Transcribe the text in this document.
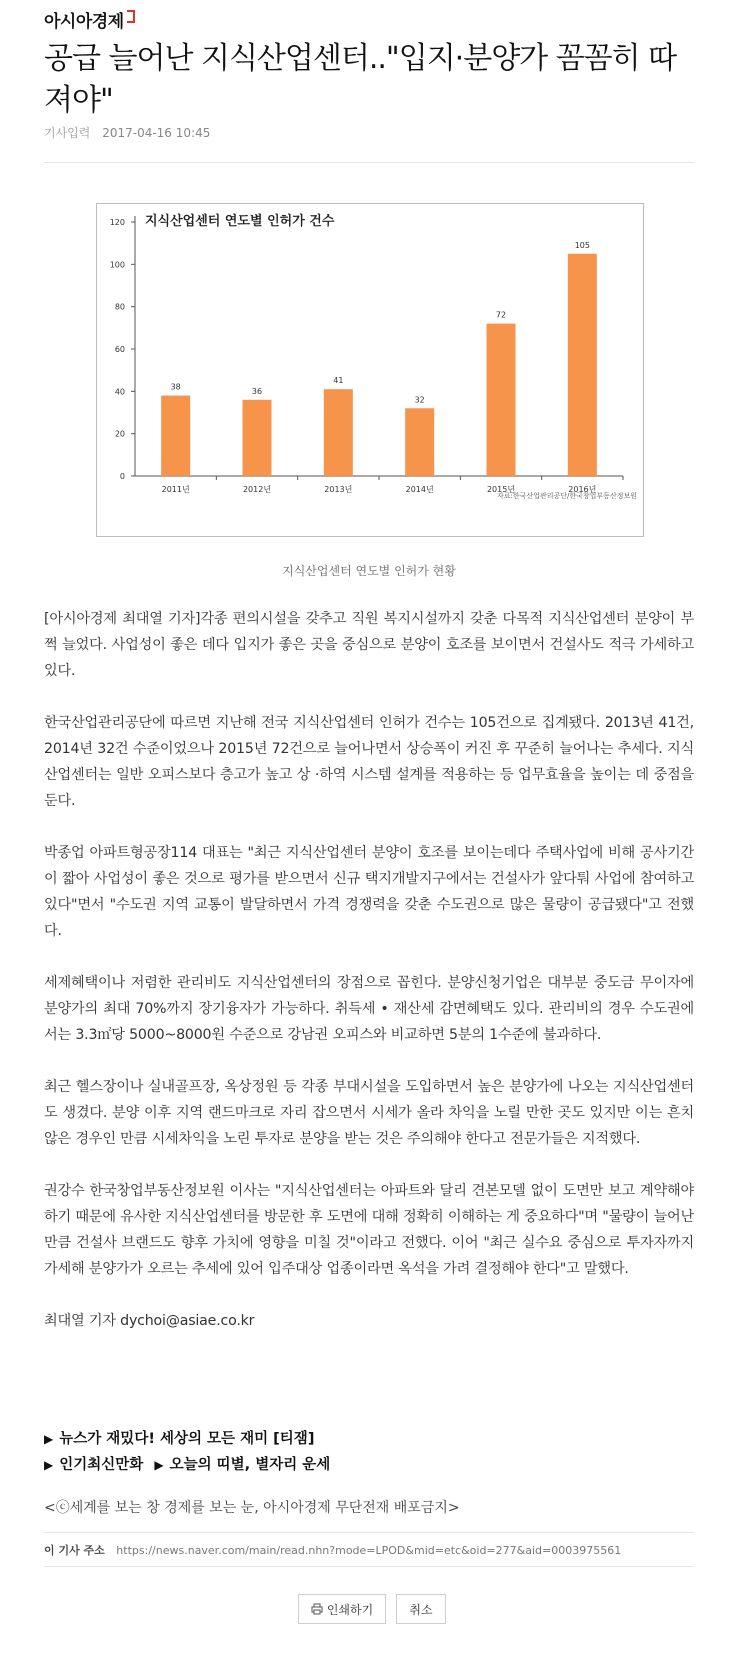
아시아경제
공급 늘어난 지식산업센터.."입지·분양가 꼼꼼히 따져야"
기사입력 2017-04-16 10:45
지식산업센터 연도별 인허가 건수
0
20
40
60
80
100
120
38
2011년
36
2012년
41
2013년
32
2014년
72
2015년
105
2016년
자료:한국산업관리공단/한국창업부동산정보원
지식산업센터 연도별 인허가 현황

[아시아경제 최대열 기자]각종 편의시설을 갖추고 직원 복지시설까지 갖춘 다목적 지식산업센터 분양이 부쩍 늘었다. 사업성이 좋은 데다 입지가 좋은 곳을 중심으로 분양이 호조를 보이면서 건설사도 적극 가세하고 있다.

한국산업관리공단에 따르면 지난해 전국 지식산업센터 인허가 건수는 105건으로 집계됐다. 2013년 41건, 2014년 32건 수준이었으나 2015년 72건으로 늘어나면서 상승폭이 커진 후 꾸준히 늘어나는 추세다. 지식산업센터는 일반 오피스보다 층고가 높고 상 ·하역 시스템 설계를 적용하는 등 업무효율을 높이는 데 중점을 둔다.

박종업 아파트형공장114 대표는 "최근 지식산업센터 분양이 호조를 보이는데다 주택사업에 비해 공사기간이 짧아 사업성이 좋은 것으로 평가를 받으면서 신규 택지개발지구에서는 건설사가 앞다퉈 사업에 참여하고 있다"면서 "수도권 지역 교통이 발달하면서 가격 경쟁력을 갖춘 수도권으로 많은 물량이 공급됐다"고 전했다.

세제혜택이나 저렴한 관리비도 지식산업센터의 장점으로 꼽힌다. 분양신청기업은 대부분 중도금 무이자에 분양가의 최대 70%까지 장기융자가 가능하다. 취득세 • 재산세 감면혜택도 있다. 관리비의 경우 수도권에서는 3.3㎡당 5000~8000원 수준으로 강남권 오피스와 비교하면 5분의 1수준에 불과하다.

최근 헬스장이나 실내골프장, 옥상정원 등 각종 부대시설을 도입하면서 높은 분양가에 나오는 지식산업센터도 생겼다. 분양 이후 지역 랜드마크로 자리 잡으면서 시세가 올라 차익을 노릴 만한 곳도 있지만 이는 흔치 않은 경우인 만큼 시세차익을 노린 투자로 분양을 받는 것은 주의해야 한다고 전문가들은 지적했다.

권강수 한국창업부동산정보원 이사는 "지식산업센터는 아파트와 달리 견본모델 없이 도면만 보고 계약해야 하기 때문에 유사한 지식산업센터를 방문한 후 도면에 대해 정확히 이해하는 게 중요하다"며 "물량이 늘어난 만큼 건설사 브랜드도 향후 가치에 영향을 미칠 것"이라고 전했다. 이어 "최근 실수요 중심으로 투자자까지 가세해 분양가가 오르는 추세에 있어 입주대상 업종이라면 옥석을 가려 결정해야 한다"고 말했다.

최대열 기자 dychoi@asiae.co.kr

▶ 뉴스가 재밌다! 세상의 모든 재미 [티잼]
▶ 인기최신만화 ▶ 오늘의 띠별, 별자리 운세
<ⓒ세계를 보는 창 경제를 보는 눈, 아시아경제 무단전재 배포금지>
이 기사 주소 https://news.naver.com/main/read.nhn?mode=LPOD&mid=etc&oid=277&aid=0003975561
인쇄하기	취소
